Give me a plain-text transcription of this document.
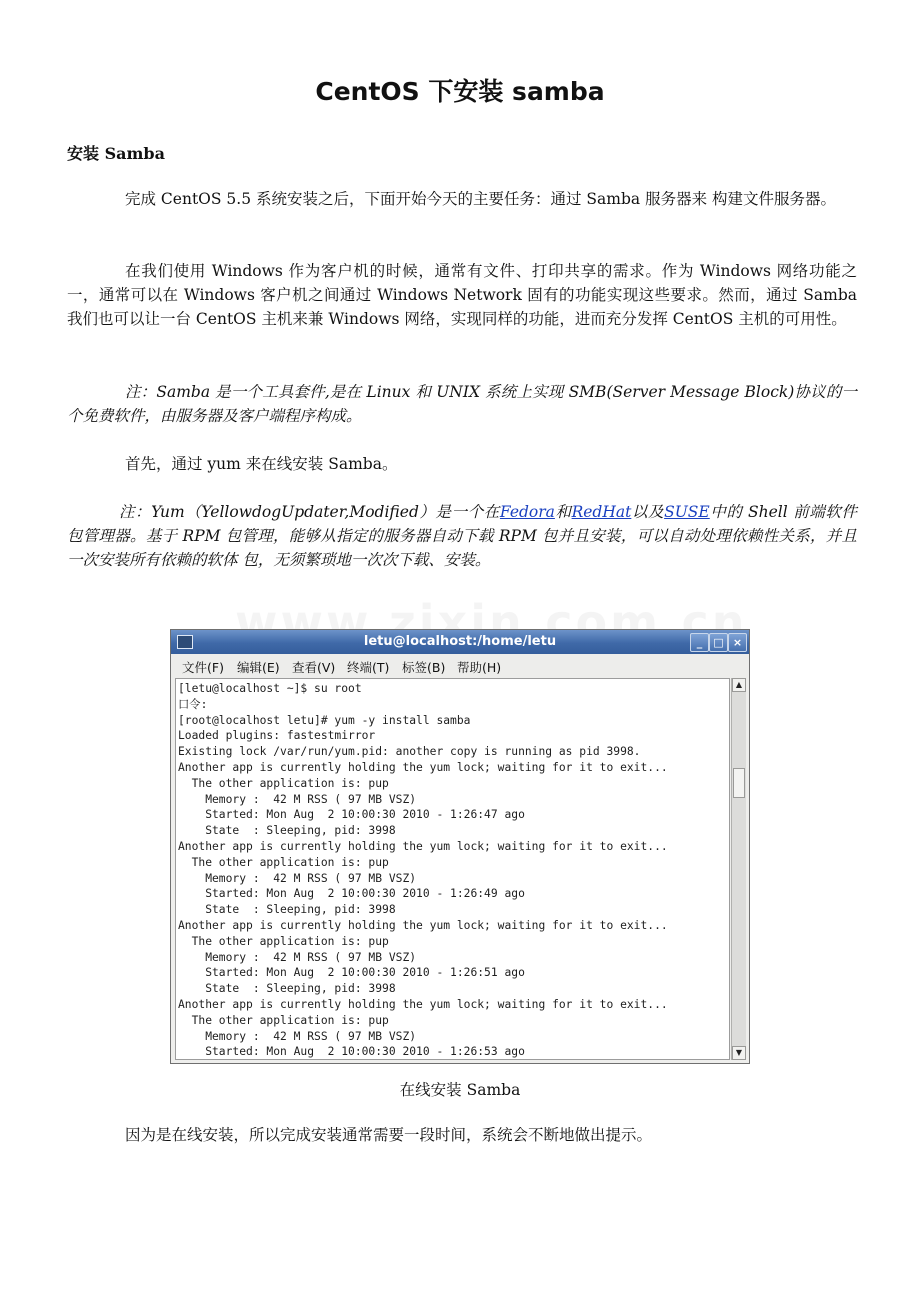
CentOS 下安装 samba
安装 Samba
完成 CentOS 5.5 系统安装之后，下面开始今天的主要任务：通过 Samba 服务器来 构建文件服务器。
在我们使用 Windows 作为客户机的时候，通常有文件、打印共享的需求。作为 Windows 网络功能之一，通常可以在 Windows 客户机之间通过 Windows Network 固有的功能实现这些要求。然而，通过 Samba 我们也可以让一台 CentOS 主机来兼 Windows 网络，实现同样的功能，进而充分发挥 CentOS 主机的可用性。
注：Samba 是一个工具套件,是在 Linux 和 UNIX 系统上实现 SMB(Server Message Block)协议的一个免费软件，由服务器及客户端程序构成。
首先，通过 yum 来在线安装 Samba。
注：Yum（YellowdogUpdater,Modified）是一个在Fedora和RedHat以及SUSE中的 Shell 前端软件包管理器。基于 RPM 包管理，能够从指定的服务器自动下载 RPM 包并且安装，可以自动处理依赖性关系，并且一次安装所有依赖的软体 包，无须繁琐地一次次下载、安装。
letu@localhost:/home/letu	_	□ ×
文件(F) 编辑(E) 查看(V) 终端(T) 标签(B) 帮助(H)
[letu@localhost ~]$ su root
口令:
[root@localhost letu]# yum -y install samba
Loaded plugins: fastestmirror
Existing lock /var/run/yum.pid: another copy is running as pid 3998.
Another app is currently holding the yum lock; waiting for it to exit...
The other application is: pup
Memory :  42 M RSS ( 97 MB VSZ)
Started: Mon Aug  2 10:00:30 2010 - 1:26:47 ago
State  : Sleeping, pid: 3998
Another app is currently holding the yum lock; waiting for it to exit...
The other application is: pup
Memory :  42 M RSS ( 97 MB VSZ)
Started: Mon Aug  2 10:00:30 2010 - 1:26:49 ago
State  : Sleeping, pid: 3998
Another app is currently holding the yum lock; waiting for it to exit...
The other application is: pup
Memory :  42 M RSS ( 97 MB VSZ)
Started: Mon Aug  2 10:00:30 2010 - 1:26:51 ago
State  : Sleeping, pid: 3998
Another app is currently holding the yum lock; waiting for it to exit...
The other application is: pup
Memory :  42 M RSS ( 97 MB VSZ)
Started: Mon Aug  2 10:00:30 2010 - 1:26:53 ago
▲
▼
在线安装 Samba
因为是在线安装，所以完成安装通常需要一段时间，系统会不断地做出提示。
